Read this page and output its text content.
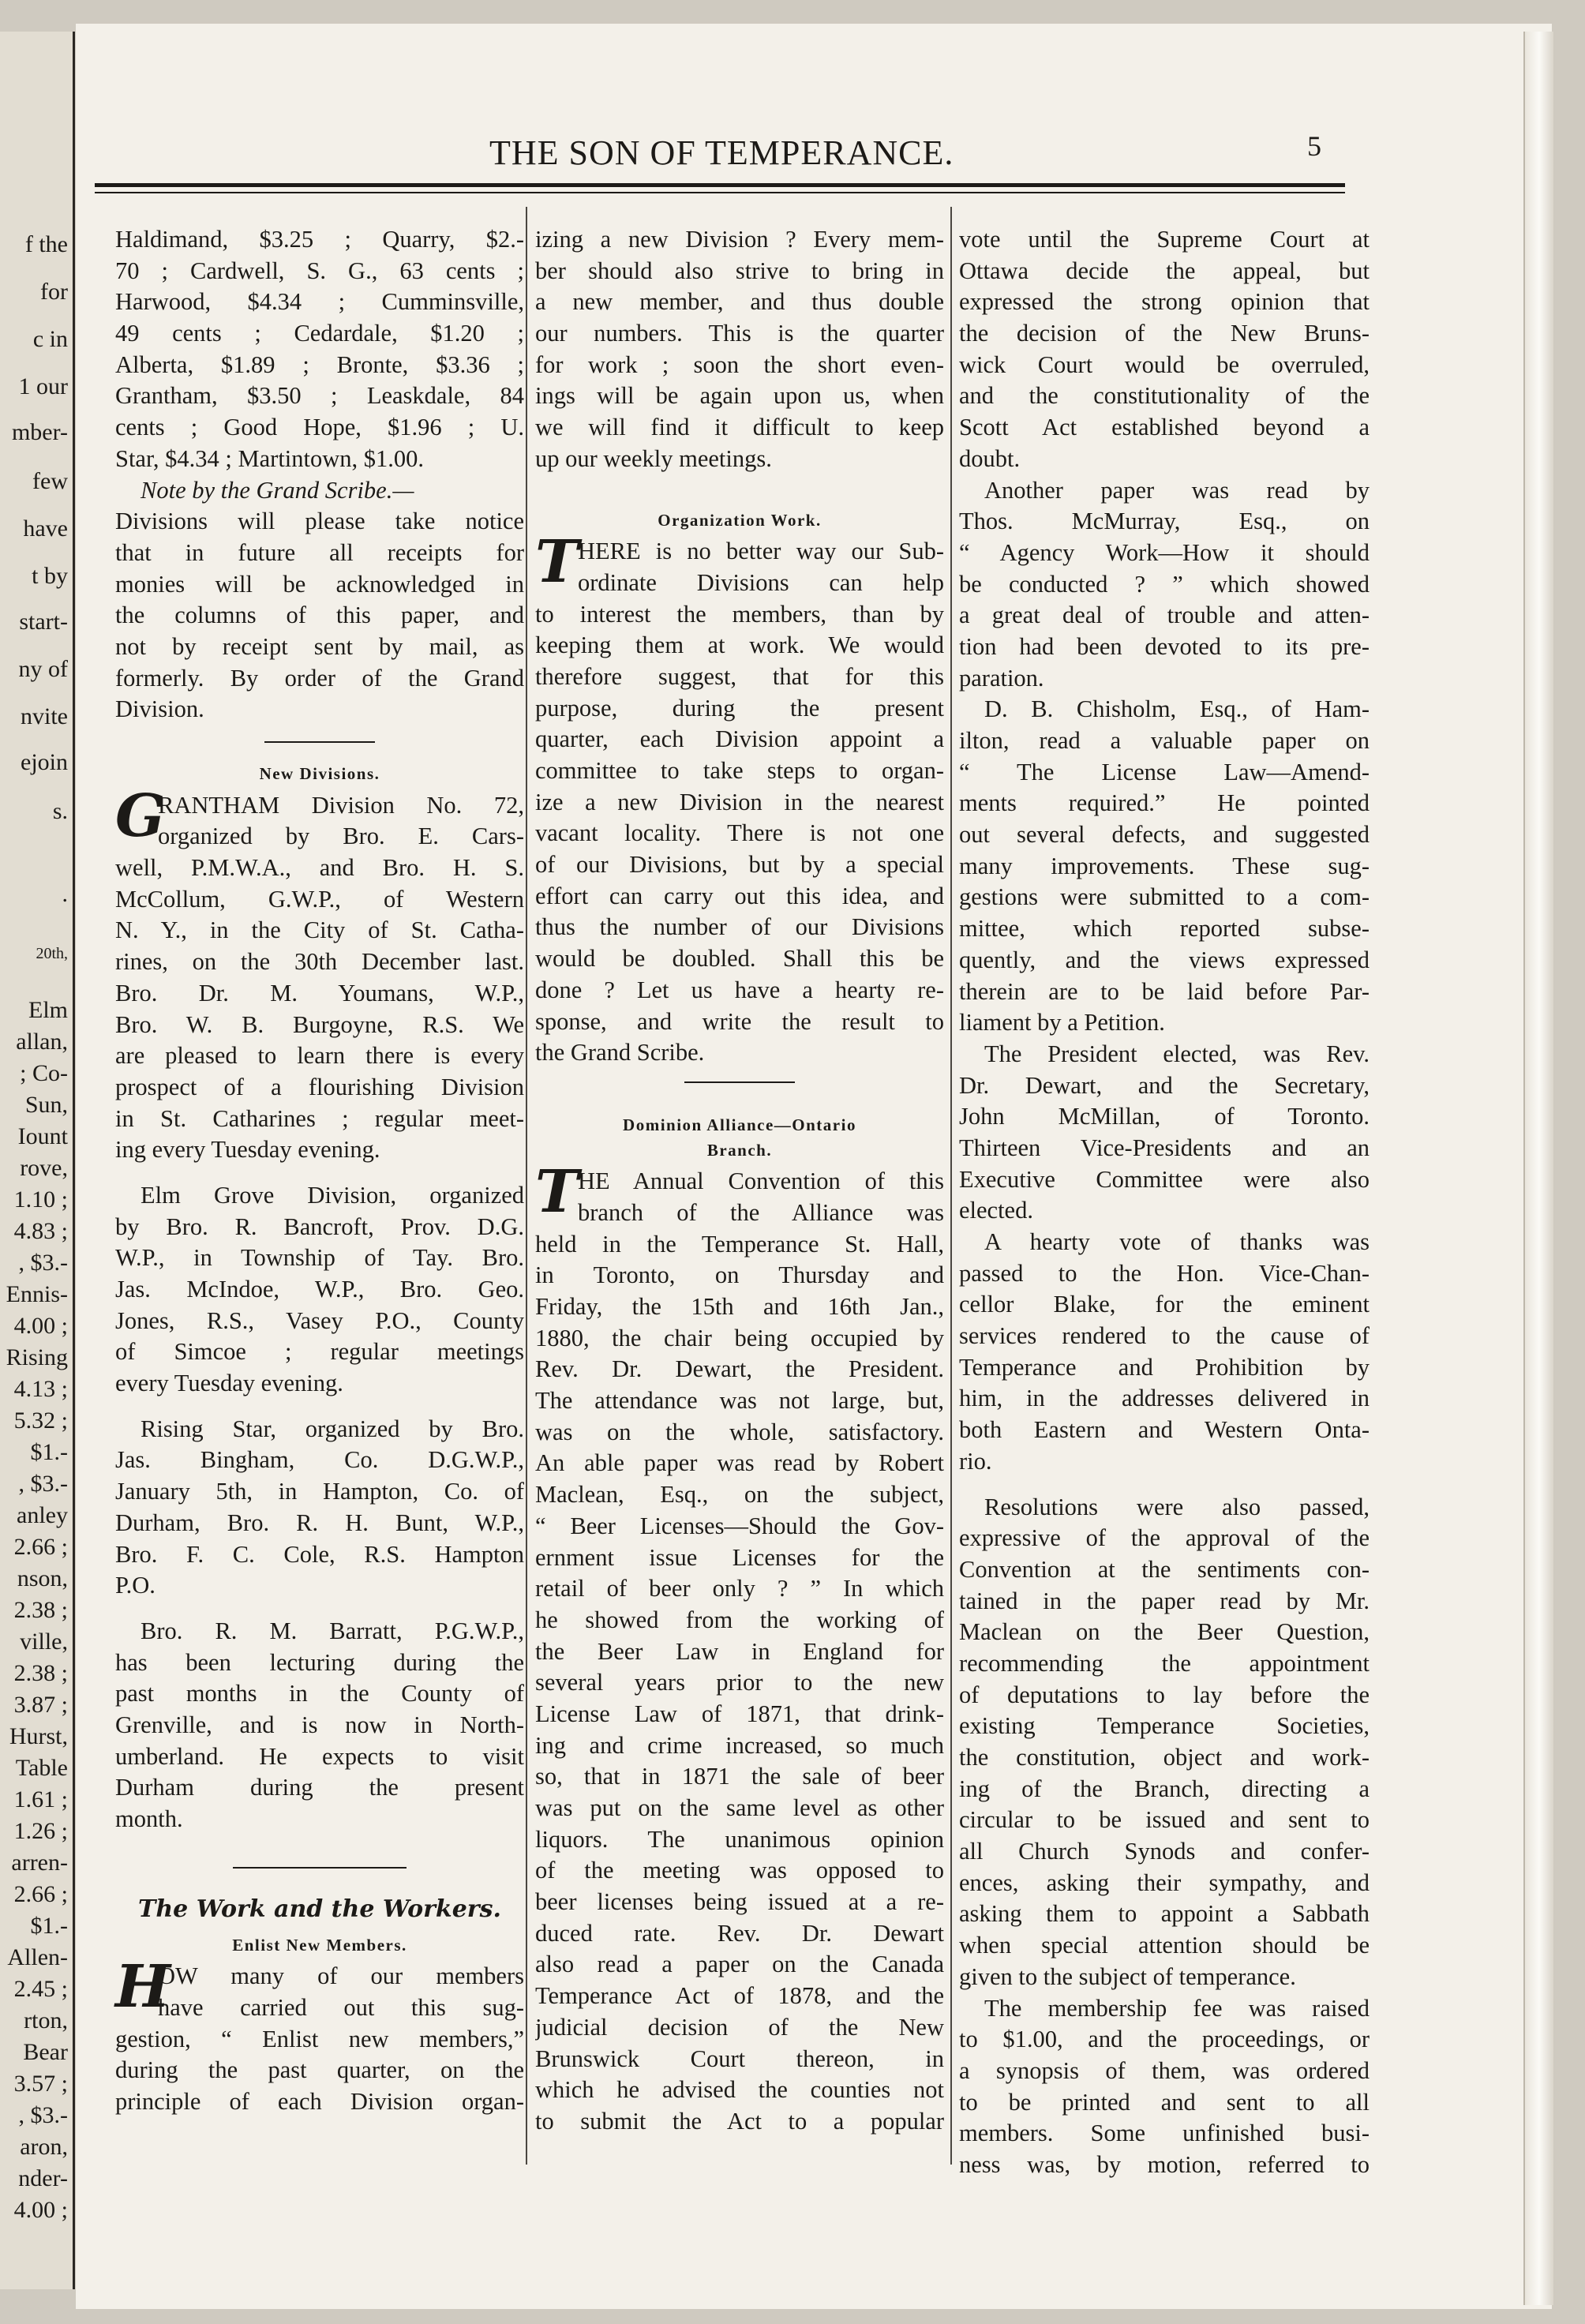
f the
for
c in
1 our
mber-
few
have
t by
start-
ny of
nvite
ejoin
s.
.
20th,
Elm
allan,
; Co-
Sun,
Iount
rove,
1.10 ;
4.83 ;
, $3.-
Ennis-
4.00 ;
Rising
4.13 ;
5.32 ;
$1.-
, $3.-
anley
2.66 ;
nson,
2.38 ;
ville,
2.38 ;
3.87 ;
Hurst,
Table
1.61 ;
1.26 ;
arren-
2.66 ;
$1.-
Allen-
2.45 ;
rton,
Bear
3.57 ;
, $3.-
aron,
nder-
4.00 ;
THE SON OF TEMPERANCE.	5
Haldimand, $3.25 ; Quarry, $2.-
70 ; Cardwell, S. G., 63 cents ;
Harwood, $4.34 ; Cumminsville,
49 cents ; Cedardale, $1.20 ;
Alberta, $1.89 ; Bronte, $3.36 ;
Grantham, $3.50 ; Leaskdale, 84
cents ; Good Hope, $1.96 ; U.
Star, $4.34 ; Martintown, $1.00.
Note by the Grand Scribe.—
Divisions will please take notice
that in future all receipts for
monies will be acknowledged in
the columns of this paper, and
not by receipt sent by mail, as
formerly. By order of the Grand
Division.
New Divisions.
G
RANTHAM Division No. 72,
organized by Bro. E. Cars-
well, P.M.W.A., and Bro. H. S.
McCollum, G.W.P., of Western
N. Y., in the City of St. Catha-
rines, on the 30th December last.
Bro. Dr. M. Youmans, W.P.,
Bro. W. B. Burgoyne, R.S. We
are pleased to learn there is every
prospect of a flourishing Division
in St. Catharines ; regular meet-
ing every Tuesday evening.
Elm Grove Division, organized
by Bro. R. Bancroft, Prov. D.G.
W.P., in Township of Tay. Bro.
Jas. McIndoe, W.P., Bro. Geo.
Jones, R.S., Vasey P.O., County
of Simcoe ; regular meetings
every Tuesday evening.
Rising Star, organized by Bro.
Jas. Bingham, Co. D.G.W.P.,
January 5th, in Hampton, Co. of
Durham, Bro. R. H. Bunt, W.P.,
Bro. F. C. Cole, R.S. Hampton
P.O.
Bro. R. M. Barratt, P.G.W.P.,
has been lecturing during the
past months in the County of
Grenville, and is now in North-
umberland. He expects to visit
Durham during the present
month.
The Work and the Workers.
Enlist New Members.
H
OW many of our members
have carried out this sug-
gestion, “ Enlist new members,”
during the past quarter, on the
principle of each Division organ-
izing a new Division ? Every mem-
ber should also strive to bring in
a new member, and thus double
our numbers. This is the quarter
for work ; soon the short even-
ings will be again upon us, when
we will find it difficult to keep
up our weekly meetings.
Organization Work.
T
HERE is no better way our Sub-
ordinate Divisions can help
to interest the members, than by
keeping them at work. We would
therefore suggest, that for this
purpose, during the present
quarter, each Division appoint a
committee to take steps to organ-
ize a new Division in the nearest
vacant locality. There is not one
of our Divisions, but by a special
effort can carry out this idea, and
thus the number of our Divisions
would be doubled. Shall this be
done ? Let us have a hearty re-
sponse, and write the result to
the Grand Scribe.
Dominion Alliance—Ontario
Branch.
T
HE Annual Convention of this
branch of the Alliance was
held in the Temperance St. Hall,
in Toronto, on Thursday and
Friday, the 15th and 16th Jan.,
1880, the chair being occupied by
Rev. Dr. Dewart, the President.
The attendance was not large, but,
was on the whole, satisfactory.
An able paper was read by Robert
Maclean, Esq., on the subject,
“ Beer Licenses—Should the Gov-
ernment issue Licenses for the
retail of beer only ? ” In which
he showed from the working of
the Beer Law in England for
several years prior to the new
License Law of 1871, that drink-
ing and crime increased, so much
so, that in 1871 the sale of beer
was put on the same level as other
liquors. The unanimous opinion
of the meeting was opposed to
beer licenses being issued at a re-
duced rate. Rev. Dr. Dewart
also read a paper on the Canada
Temperance Act of 1878, and the
judicial decision of the New
Brunswick Court thereon, in
which he advised the counties not
to submit the Act to a popular
vote until the Supreme Court at
Ottawa decide the appeal, but
expressed the strong opinion that
the decision of the New Bruns-
wick Court would be overruled,
and the constitutionality of the
Scott Act established beyond a
doubt.
Another paper was read by
Thos. McMurray, Esq., on
“ Agency Work—How it should
be conducted ? ” which showed
a great deal of trouble and atten-
tion had been devoted to its pre-
paration.
D. B. Chisholm, Esq., of Ham-
ilton, read a valuable paper on
“ The License Law—Amend-
ments required.” He pointed
out several defects, and suggested
many improvements. These sug-
gestions were submitted to a com-
mittee, which reported subse-
quently, and the views expressed
therein are to be laid before Par-
liament by a Petition.
The President elected, was Rev.
Dr. Dewart, and the Secretary,
John McMillan, of Toronto.
Thirteen Vice-Presidents and an
Executive Committee were also
elected.
A hearty vote of thanks was
passed to the Hon. Vice-Chan-
cellor Blake, for the eminent
services rendered to the cause of
Temperance and Prohibition by
him, in the addresses delivered in
both Eastern and Western Onta-
rio.
Resolutions were also passed,
expressive of the approval of the
Convention at the sentiments con-
tained in the paper read by Mr.
Maclean on the Beer Question,
recommending the appointment
of deputations to lay before the
existing Temperance Societies,
the constitution, object and work-
ing of the Branch, directing a
circular to be issued and sent to
all Church Synods and confer-
ences, asking their sympathy, and
asking them to appoint a Sabbath
when special attention should be
given to the subject of temperance.
The membership fee was raised
to $1.00, and the proceedings, or
a synopsis of them, was ordered
to be printed and sent to all
members. Some unfinished busi-
ness was, by motion, referred to
